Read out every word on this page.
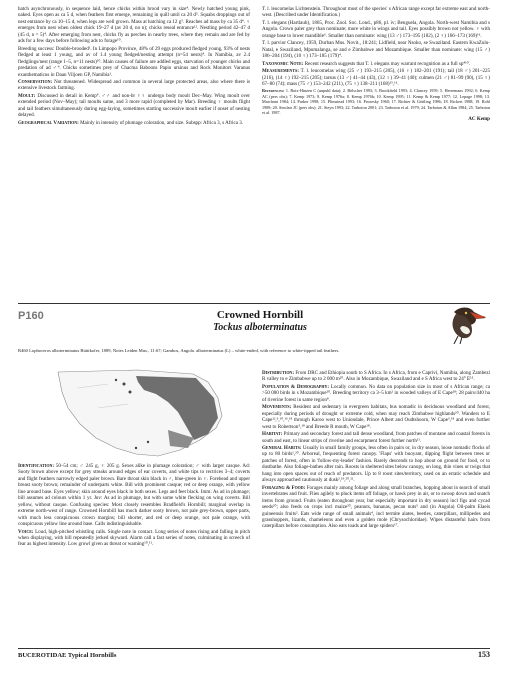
hatch asynchronously, in sequence laid, hence chicks within brood vary in size⁴. Newly hatched young pink, naked. Eyes open as ca 5 d, when feathers first emerge, remaining in quill until ca 20 d⁵. Squabs droppings out of nest entrance by ca 10–15 d, when legs are well grown. Mass at hatching ca 12 g⁵. Reaches ad mass by ca 35 d⁴. ♀ emerges from nest when oldest chick 19–27 d (av 20 d, no n); chicks reseal entrance¹². Nestling period 42–47 d (45 d, n = 5)⁴. After emerging from nest, chicks fly as perches in nearby trees, where they remain and are fed by ads for a few days before following ads to forage¹⁰.

Breeding success: Double-brooded¹. In Limpopo Province, 48% of 29 eggs produced fledged young, 93% of nests fledged at least 1 young, and av of 1.4 young fledged/nesting attempt (n=54 nests)⁴. In Namibia, av 2.4 fledglings/nest (range 1–5, n=11 nests)¹⁰. Main causes of failure are addled eggs, starvation of younger chicks and predation of ad ♂⁴. Chicks sometimes prey of Chacma Baboons Papio ursinus and Rock Monitors Varanus exanthematicus in Daan Viljoen GP, Namibia¹.

Conservation: Not threatened. Widespread and common in several large protected areas, also where there is extensive livestock farming.

Moult: Discussed in detail in Kemp⁴. ♂♂ and non-br ♀♀ undergo body moult Dec–May. Wing moult over extended period (Nov–May); tail moults same, and 3 more rapid (completed by Mar). Breeding ♀ moults flight and tail feathers simultaneously during egg-laying, sometimes starting successive moult earlier if onset of nesting delayed.

Geographical Variation: Mainly in intensity of plumage coloration, and size. Subspp: Africa 3, s Africa 3.

T. l. leucomelas Lichtenstein. Throughout most of the species' s African range except far extreme east and north-west. (Described under Identification.)

T. l. elegans (Hartlaub), 1865, Proc. Zool. Soc. Lond., p86, pl. iv; Benguela, Angola. North-west Namibia and s Angola. Crown paler grey than nominate; more white in wings and tail. Eyes possibly brown not yellow. ♀ with orange base to lower mandible⁶. Smaller than nominate: wing (13 ♂) 173–195 (182), (2 ♀) 166–173 (169)¹⁶.

T. l. parvior Clancey, 1959, Durban Mus. Novit., 18:241; Lidfield, near Nsoko, se Swaziland. Eastern KwaZulu-Natal, e Swaziland, Mpumalanga, se and e Zimbabwe and Mozambique. Smaller than nominate: wing (15 ♂) 186–204 (194), (10 ♀) 173–185 (179)⁴.

Taxonomic Note: Recent research suggests that T. l. elegans may warrant recognition as a full sp⁴¹⁰.

Measurements: T. l. leucomelas wing (25 ♂) 193–215 (205), (16 ♀) 182–201 (191); tail (18 ♂) 201–225 (216), (14 ♀) 192–215 (205); tarsus (13 ♂) 41–44 (43), (12 ♀) 39–41 (40); culmen (21 ♂) 81–99 (90), (15 ♀) 67–80 (74); mass (75 ♂) 153–242 (211), (75 ♀) 138–211 (168)¹⁵,¹⁶.

References: 1. Boix-Hinzen C (unpubl data); 2. Bölscher 1993; 3. Brookfield 1993; 4. Clancey 1959; 5. Herremans 1992; 6. Kemp AC (pers obs); 7. Kemp 1973; 8. Kemp 1976a; 8. Kemp 1976b; 10. Kemp 1995; 11. Kemp & Kemp 1977; 12. Lepage 1998; 13. Marchant 1984; 14. Parker 1998; 15. Plimstead 1993; 16. Prozesky 1960; 17. Richter & Göttling 1986; 18. Rickert 1988; 19. Rohl 1989; 20. Sinclair JC (pers obs); 21. Steyn 1993; 22. Tarboton 2001; 23. Tarboton et al. 1979; 24. Tarboton & Allan 1984; 25. Tarboton et al. 1987.

AC Kemp

P160	Crowned Hornbill
Tockus alboterminatus
R460 Lophoceros alboterminatus Büttikofer, 1889, Notes Leiden Mus., 11:67; Gambos, Angola. alboterminatus (L) – white-ended, with reference to white-tipped tail feathers.

Identification: 50–54 cm; ♂ 245 g, ♀ 205 g. Sexes alike in plumage coloration; ♂ with larger casque. Ad: Sooty brown above except for grey streaks around edges of ear coverts, and white tips to rectrices 3–4; coverts and flight feathers narrowly edged paler brown. Bare throat skin black in ♂, blue-green in ♀. Forehead and upper breast sooty brown; remainder of underparts white. Bill with prominent casque; red or deep orange, with yellow line around base. Eyes yellow; skin around eyes black in both sexes. Legs and feet black. Imm: As ad in plumage; bill assumes ad colours within 1 yr. Juv: As ad in plumage, but with some white flecking on wing coverts. Bill yellow, without casque. Confusing species: Most closely resembles Bradfield's Hornbill; marginal overlap in extreme north-west of range. Crowned Hornbill has much darker sooty brown, not pale grey-brown, upper parts, with much less conspicuous crown margins; bill shorter, and red or deep orange, not pale orange, with conspicuous yellow line around base. Calls indistinguishable.

Voice: Loud, high-pitched whistling calls. Single note in contact. Long series of notes rising and falling in pitch when displaying, with bill repeatedly jerked skyward. Alarm call a fast series of notes, culminating in screech of fear as highest intensity. Low growl given as threat or warning¹⁰,¹¹.

Distribution: From DRC and Ethiopia south to S Africa. In s Africa, from e Caprivi, Namibia, along Zambezi R valley to e Zimbabwe up to 2 000 m²⁰. Also in Mozambique, Swaziland and e S Africa west to 24° E¹⁵.

Population & Demography: Locally common. No data on population size in most of s African range; ca >50 000 birds in s Mozambique¹⁰. Breeding territory ca 3–5 km² in wooded valleys of E Cape¹⁸; 28 pairs/440 ha of riverine forest in same region⁸.

Movements: Resident and sedentary in evergreen habitats, bus nomadic in deciduous woodland and forest, especially during periods of drought or extreme cold, when may reach Zimbabwe highlands²⁰. Wanders to E Cape¹²,⁶,¹⁰,¹⁶,¹⁸ through Karoo west to Uniondale, Prince Albert and Oudtshoorn, W Cape⁵,¹⁸ and even further west to Robertson⁵,¹⁸ and Breede R mouth, W Cape¹⁸.

Habitat: Primary and secondary forest and tall dense woodland, from patches of montane and coastal forests in south and east, to linear strips of riverine and escarpment forest further north¹¹.

General Habits: Usually in small family groups, less often in pairs or, in dry season, loose nomadic flocks of up to 80 birds¹,²⁰. Arboreal, frequenting forest canopy. 'Flaps' with buoyant, dipping flight between trees or patches of forest, often in 'follow-my-leader' fashion. Rarely descends to hop about on ground for food, or to dustbathe. Also foliage-bathes after rain. Roosts in sheltered sites below canopy, on long, thin vines or twigs that hang into open spaces out of reach of predators. Up to 8 roost sites/territory, used on an erratic schedule and always approached cautiously at dusk²,¹⁹,²⁰,²¹.

Foraging & Food: Forages mainly among foliage and along small branches, hopping about in search of small invertebrates and fruit. Flies agilely to pluck items off foliage, or hawk prey in air, or to swoop down and snatch items from ground. Fruits (eaten throughout year, but especially important in dry season) incl figs and cycad seeds²⁰; also feeds on crops incl maize²⁰, peanuts, bananas, pecan nuts⁵ and (in Angola) Oil-palm Elaeis guineensis fruits². Eats wide range of small animals⁴, incl termite alates, beetles, caterpillars, millipedes and grasshoppers, lizards, chameleons and even a golden mole (Chrysochloridae). Wipes distasteful hairs from caterpillars before consumption. Also eats toads and large spiders¹⁷.

BUCEROTIDAE Typical Hornbills	153
